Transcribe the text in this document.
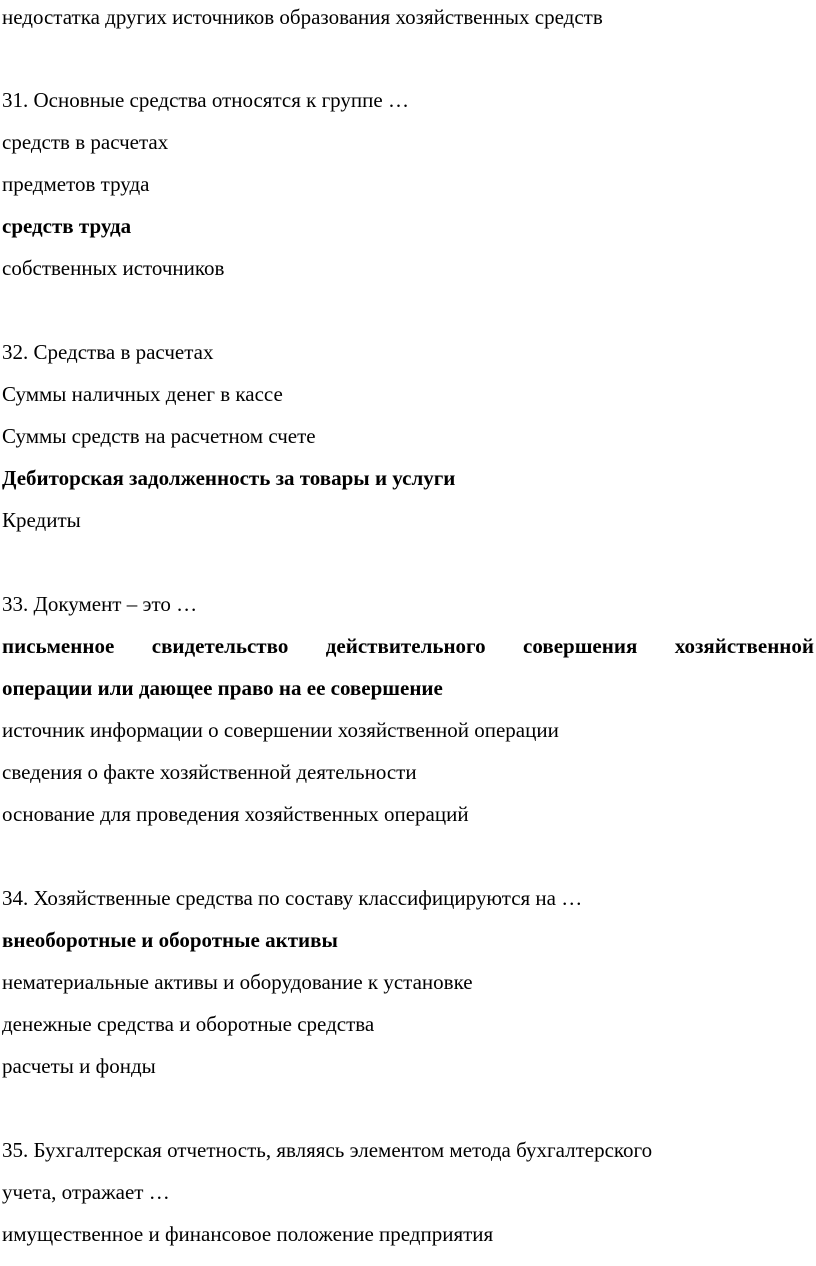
недостатка других источников образования хозяйственных средств
31. Основные средства относятся к группе …
средств в расчетах
предметов труда
средств труда
собственных источников
32. Средства в расчетах
Суммы наличных денег в кассе
Суммы средств на расчетном счете
Дебиторская задолженность за товары и услуги
Кредиты
33. Документ – это …
письменное свидетельство действительного совершения хозяйственной
операции или дающее право на ее совершение
источник информации о совершении хозяйственной операции
сведения о факте хозяйственной деятельности
основание для проведения хозяйственных операций
34. Хозяйственные средства по составу классифицируются на …
внеоборотные и оборотные активы
нематериальные активы и оборудование к установке
денежные средства и оборотные средства
расчеты и фонды
35. Бухгалтерская отчетность, являясь элементом метода бухгалтерского
учета, отражает …
имущественное и финансовое положение предприятия
